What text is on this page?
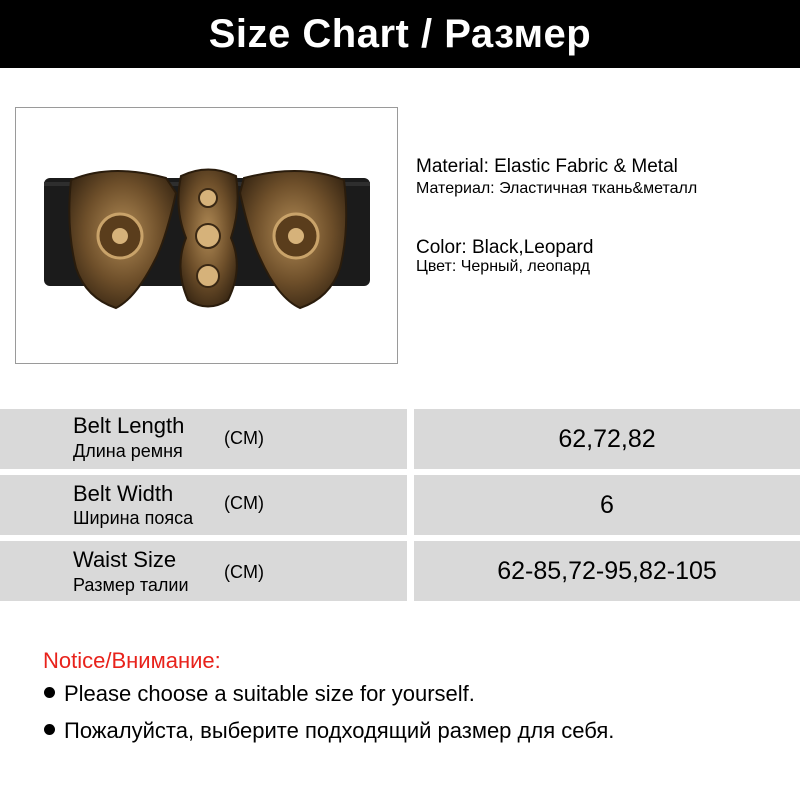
Size Chart / Размер
Material: Elastic Fabric & Metal
Материал: Эластичная ткань&металл
Color: Black,Leopard
Цвет: Черный, леопард
Belt Length
Длина ремня
(CM)	62,72,82
Belt Width
Ширина пояса
(CM)	6
Waist Size
Размер талии
(CM)	62-85,72-95,82-105
Notice/Внимание:
Please choose a suitable size for yourself.
Пожалуйста, выберите подходящий размер для себя.
